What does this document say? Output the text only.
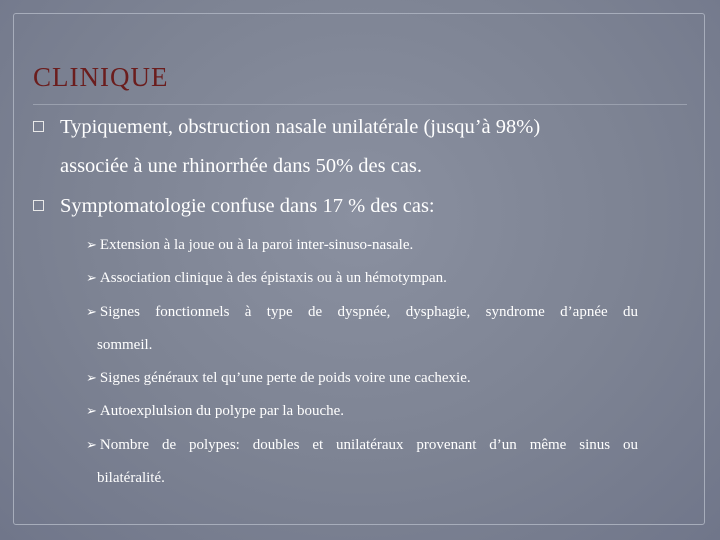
CLINIQUE
Typiquement, obstruction nasale unilatérale (jusqu’à 98%)
associée à une rhinorrhée dans 50% des cas.
Symptomatologie confuse dans 17 % des cas:
➢ Extension à la joue ou à la paroi inter-sinuso-nasale.
➢ Association clinique à des épistaxis ou à un hémotympan.
➢ Signes fonctionnels à type de dyspnée, dysphagie, syndrome d’apnée du
sommeil.
➢ Signes généraux tel qu’une perte de poids voire une cachexie.
➢ Autoexplulsion du polype par la bouche.
➢ Nombre de polypes: doubles et unilatéraux provenant d’un même sinus ou
bilatéralité.
